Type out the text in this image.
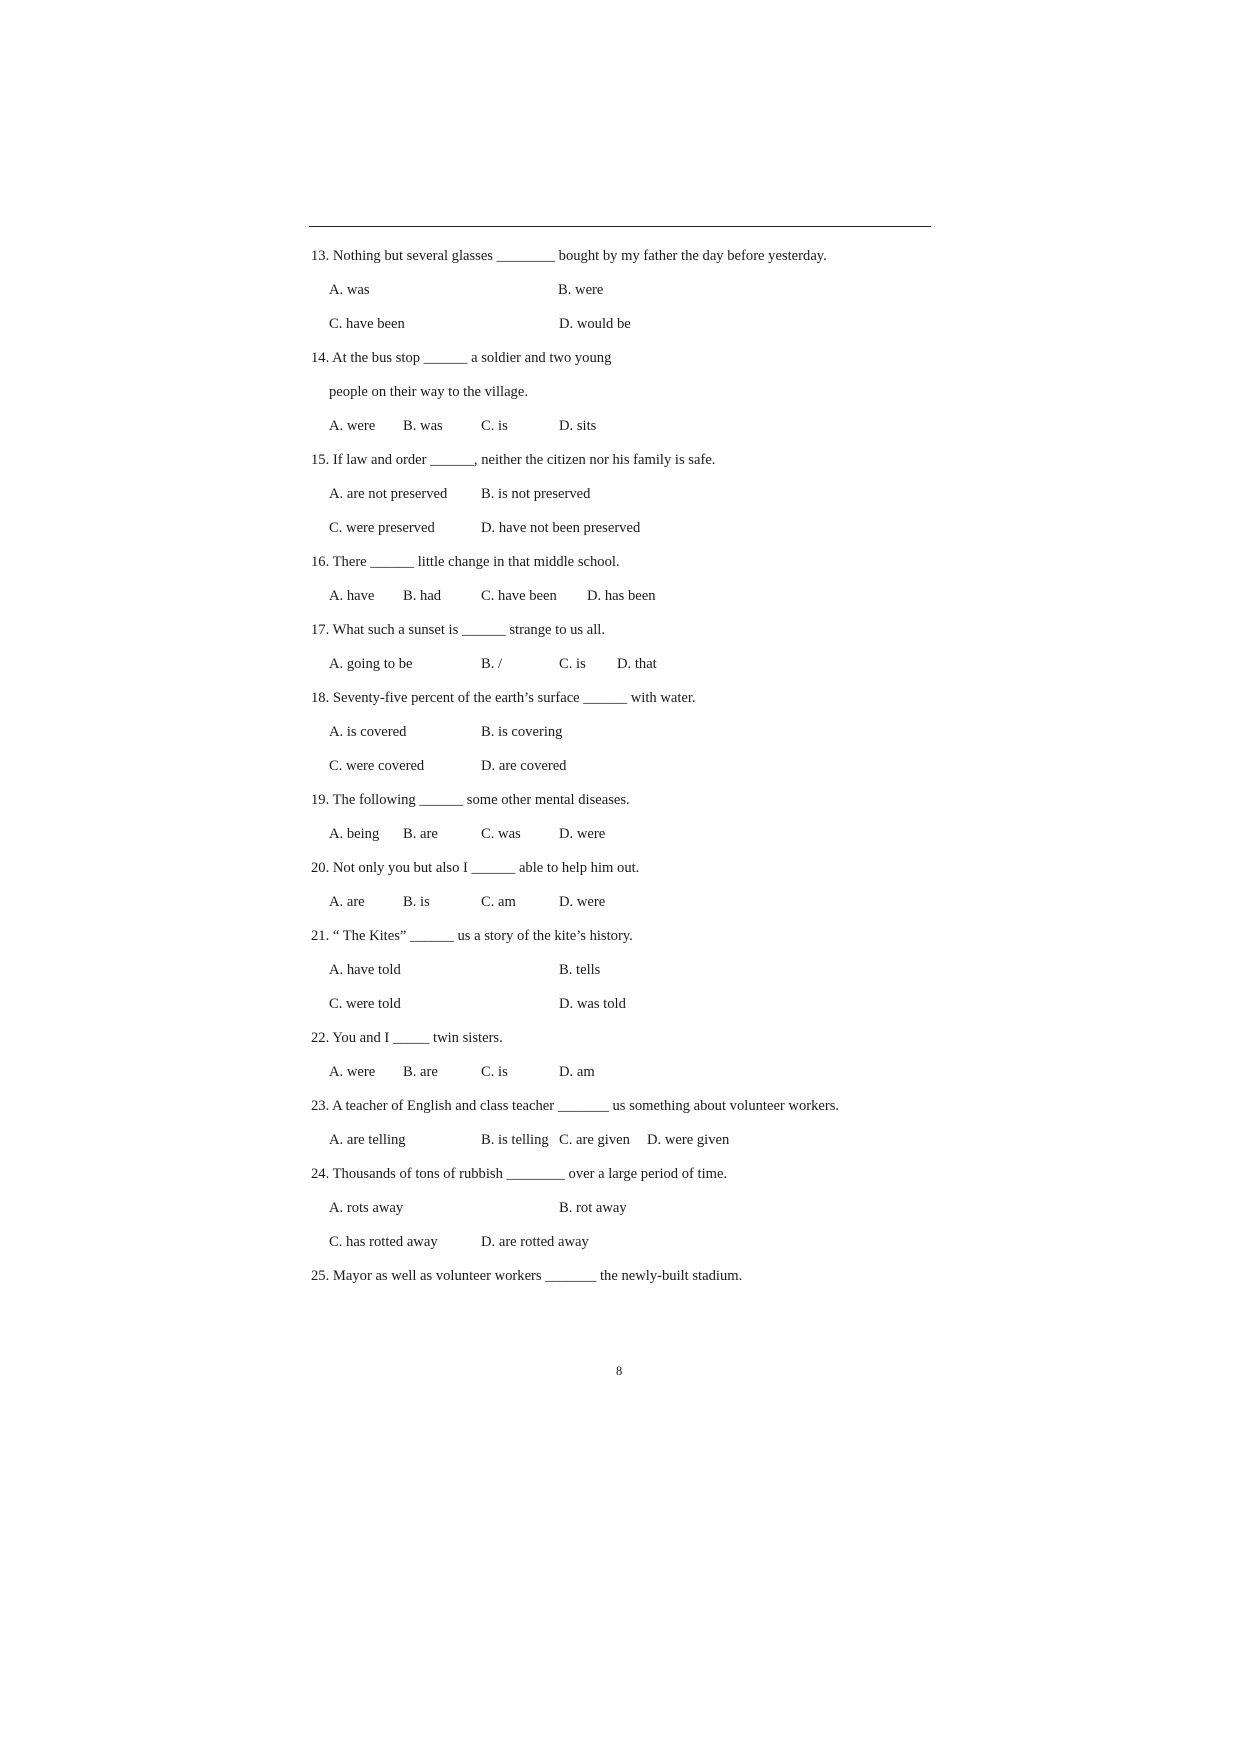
13. Nothing but several glasses ________ bought by my father the day before yesterday.
A. was	B. were
C. have been	D. would be
14. At the bus stop ______ a soldier and two young
people on their way to the village.
A. were B. was	C. is	D. sits
15. If law and order ______, neither the citizen nor his family is safe.
A. are not preserved B. is not preserved
C. were preserved	D. have not been preserved
16. There ______ little change in that middle school.
A. have B. had	C. have been D. has been
17. What such a sunset is ______ strange to us all.
A. going to be	B. /	C. is D. that
18. Seventy-five percent of the earth’s surface ______ with water.
A. is covered	B. is covering
C. were covered	D. are covered
19. The following ______ some other mental diseases.
A. being B. are	C. was	D. were
20. Not only you but also I ______ able to help him out.
A. are	B. is	C. am	D. were
21. “ The Kites” ______ us a story of the kite’s history.
A. have told	B. tells
C. were told	D. was told
22. You and I _____ twin sisters.
A. were B. are	C. is	D. am
23. A teacher of English and class teacher _______ us something about volunteer workers.
A. are telling	B. is telling C. are given D. were given
24. Thousands of tons of rubbish ________ over a large period of time.
A. rots away	B. rot away
C. has rotted away	D. are rotted away
25. Mayor as well as volunteer workers _______ the newly-built stadium.
8
